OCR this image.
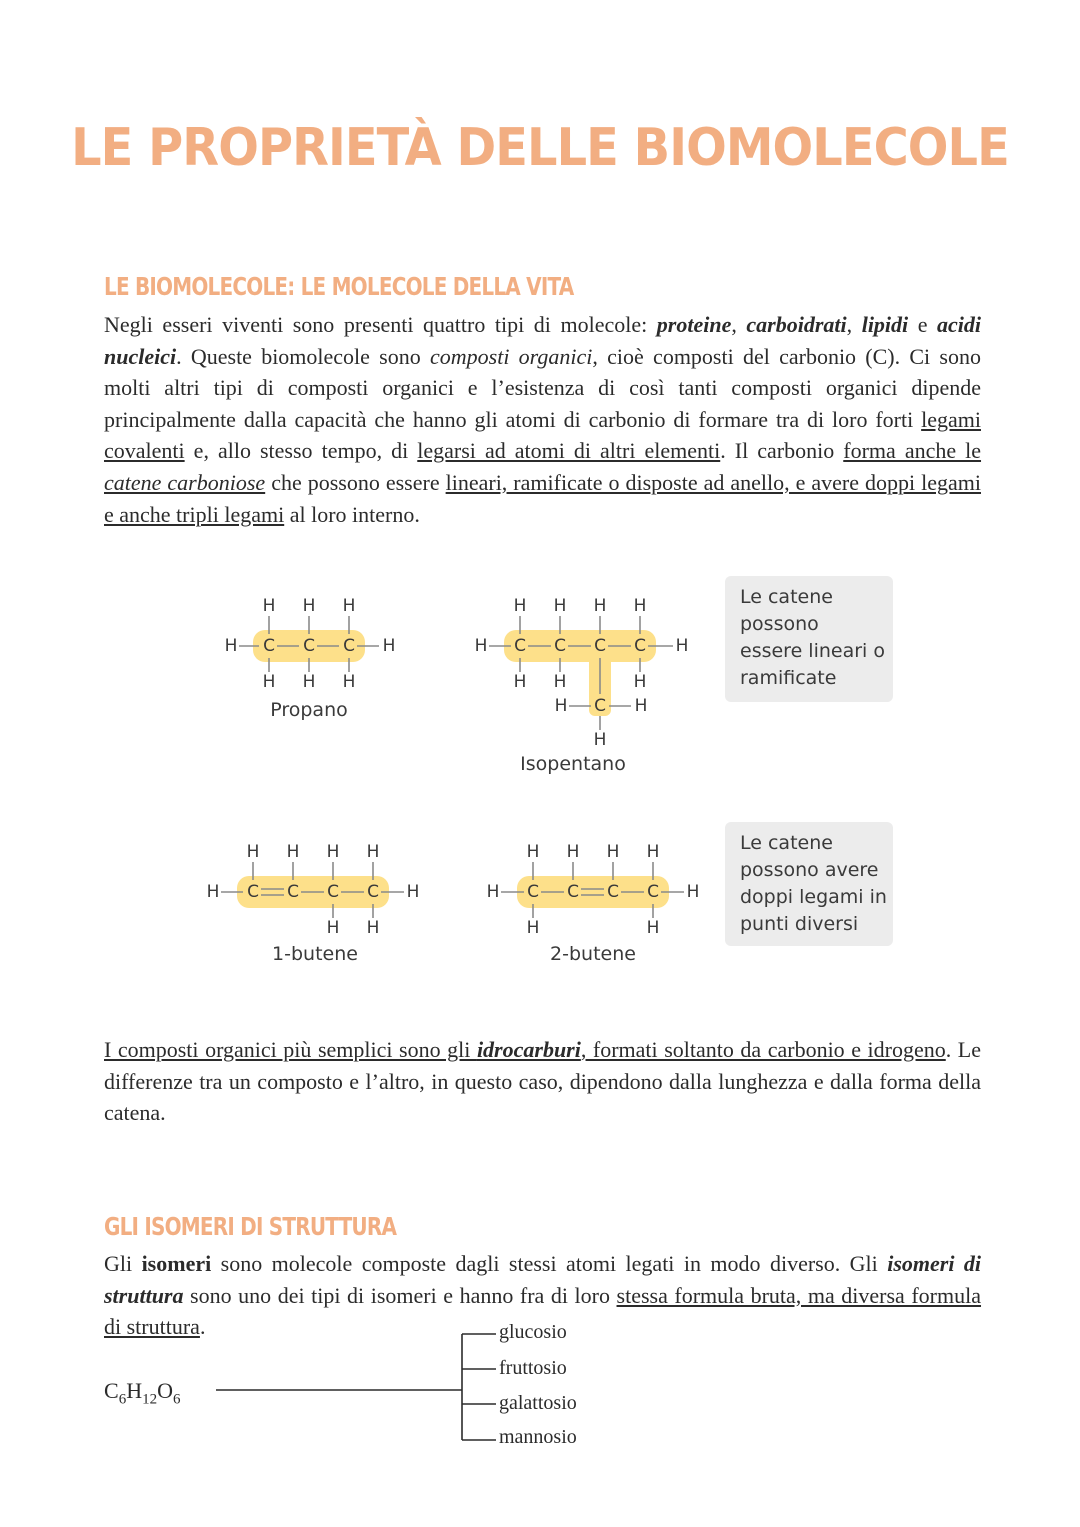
LE PROPRIETÀ DELLE BIOMOLECOLE
LE BIOMOLECOLE: LE MOLECOLE DELLA VITA

Negli esseri viventi sono presenti quattro tipi di molecole: proteine, carboidrati, lipidi e acidi nucleici. Queste biomolecole sono composti organici, cioè composti del carbonio (C). Ci sono molti altri tipi di composti organici e l’esistenza di così tanti composti organici dipende principalmente dalla capacità che hanno gli atomi di carbonio di formare tra di loro forti legami covalenti e, allo stesso tempo, di legarsi ad atomi di altri elementi. Il carbonio forma anche le catene carboniose che possono essere lineari, ramificate o disposte ad anello, e avere doppi legami e anche tripli legami al loro interno.

C
H
H
C
H
H
C
H
H
H	H
Propano
C
H
C
H
C
H
C
H
H H	H
C
H	H
H
H	H
Isopentano
C
H
C
H
C
H
C
H
H H
H	H
1-butene
C
H
C
H
C
H
C
H
H	H
H	H
2-butene
Le catene
possono
essere lineari o
ramificate
Le catene
possono avere
doppi legami in
punti diversi

I composti organici più semplici sono gli idrocarburi, formati soltanto da carbonio e idrogeno. Le differenze tra un composto e l’altro, in questo caso, dipendono dalla lunghezza e dalla forma della catena.

GLI ISOMERI DI STRUTTURA

Gli isomeri sono molecole composte dagli stessi atomi legati in modo diverso. Gli isomeri di struttura sono uno dei tipi di isomeri e hanno fra di loro stessa formula bruta, ma diversa formula di struttura.

$C_6H_{12}O_6$
glucosio
fruttosio
galattosio
mannosio
